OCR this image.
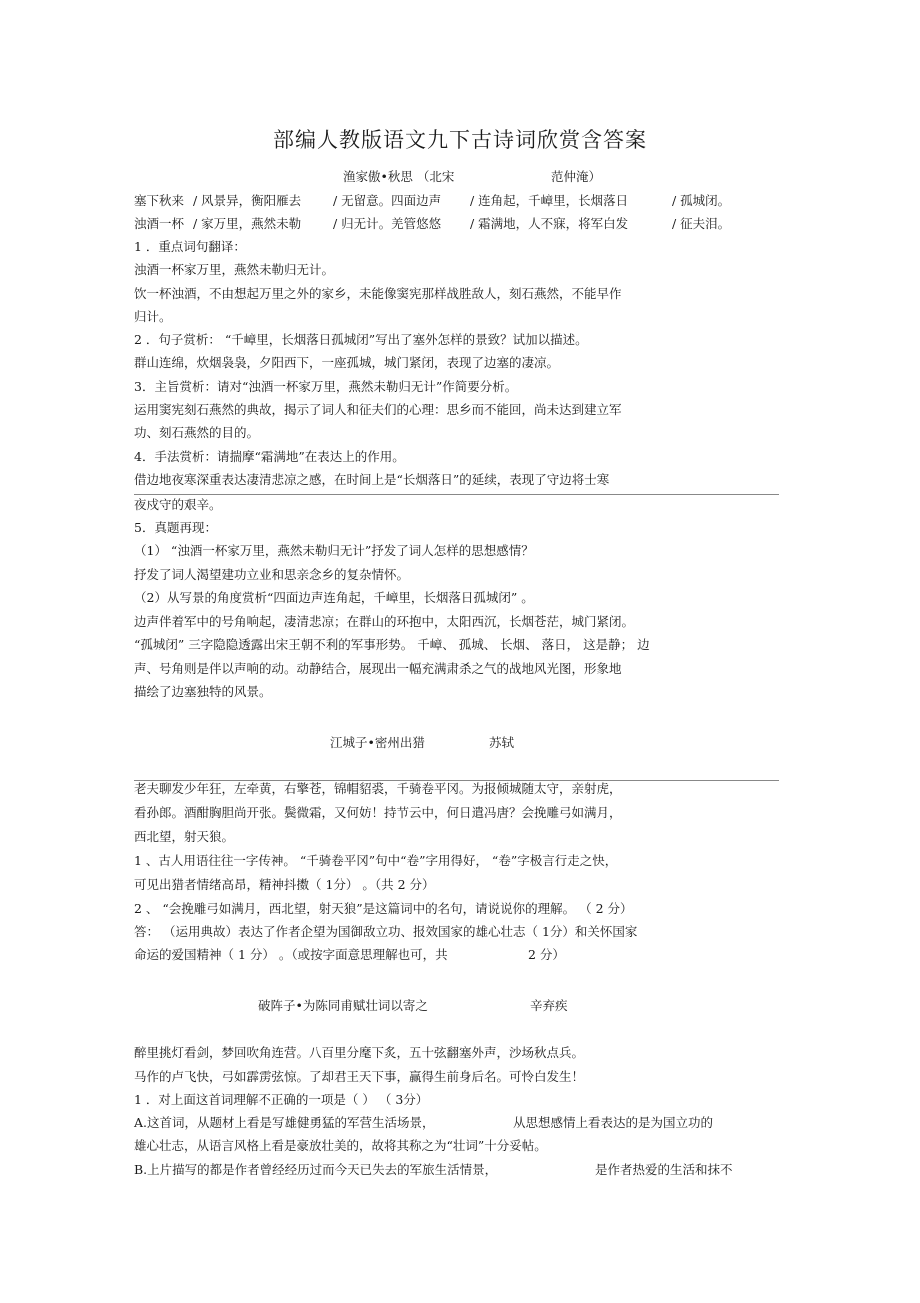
部编人教版语文九下古诗词欣赏含答案
渔家傲•秋思 （北宋	范仲淹）
塞下秋来 / 风景异，衡阳雁去	/ 无留意。四面边声 / 连角起，千嶂里，长烟落日	/ 孤城闭。
浊酒一杯 / 家万里，燕然未勒	/ 归无计。羌管悠悠 / 霜满地，人不寐，将军白发	/ 征夫泪。
1 ．重点词句翻译：
浊酒一杯家万里，燕然未勒归无计。
饮一杯浊酒，不由想起万里之外的家乡，未能像窦宪那样战胜敌人，刻石燕然，不能早作
归计。
2 ．句子赏析： “千嶂里，长烟落日孤城闭”写出了塞外怎样的景致？试加以描述。
群山连绵，炊烟袅袅，夕阳西下，一座孤城，城门紧闭，表现了边塞的凄凉。
3．主旨赏析：请对“浊酒一杯家万里，燕然未勒归无计”作简要分析。
运用窦宪刻石燕然的典故，揭示了词人和征夫们的心理：思乡而不能回，尚未达到建立军
功、刻石燕然的目的。
4．手法赏析：请揣摩“霜满地”在表达上的作用。
借边地夜寒深重表达凄清悲凉之感，在时间上是“长烟落日”的延续，表现了守边将士寒
夜戍守的艰辛。
5．真题再现：
（1） “浊酒一杯家万里，燕然未勒归无计”抒发了词人怎样的思想感情？
抒发了词人渴望建功立业和思亲念乡的复杂情怀。
（2）从写景的角度赏析“四面边声连角起，千嶂里，长烟落日孤城闭” 。
边声伴着军中的号角响起，凄清悲凉；在群山的环抱中，太阳西沉，长烟苍茫，城门紧闭。
“孤城闭” 三字隐隐透露出宋王朝不利的军事形势。 千嶂、 孤城、 长烟、 落日， 这是静； 边
声、号角则是伴以声响的动。动静结合，展现出一幅充满肃杀之气的战地风光图，形象地
描绘了边塞独特的风景。
江城子•密州出猎	苏轼
老夫聊发少年狂，左牵黄，右擎苍，锦帽貂裘，千骑卷平冈。为报倾城随太守，亲射虎，
看孙郎。酒酣胸胆尚开张。鬓微霜，又何妨！持节云中，何日遣冯唐？会挽雕弓如满月，
西北望，射天狼。
1 、古人用语往往一字传神。 “千骑卷平冈”句中“卷”字用得好， “卷”字极言行走之快，
可见出猎者情绪高昂，精神抖擞（ 1分） 。（共 2 分）
2 、 “会挽雕弓如满月，西北望，射天狼”是这篇词中的名句，请说说你的理解。 （ 2 分）
答： （运用典故）表达了作者企望为国御敌立功、报效国家的雄心壮志（ 1分）和关怀国家
命运的爱国精神（ 1 分） 。（或按字面意思理解也可，共	2 分）
破阵子•为陈同甫赋壮词以寄之	辛弃疾
醉里挑灯看剑，梦回吹角连营。八百里分麾下炙，五十弦翻塞外声，沙场秋点兵。
马作的卢飞快，弓如霹雳弦惊。了却君王天下事，赢得生前身后名。可怜白发生！
1 ．对上面这首词理解不正确的一项是（ ） （ 3分）
A.这首词，从题材上看是写雄健勇猛的军营生活场景，	从思想感情上看表达的是为国立功的
雄心壮志，从语言风格上看是豪放壮美的，故将其称之为“壮词”十分妥帖。
B.上片描写的都是作者曾经经历过而今天已失去的军旅生活情景，	是作者热爱的生活和抹不
